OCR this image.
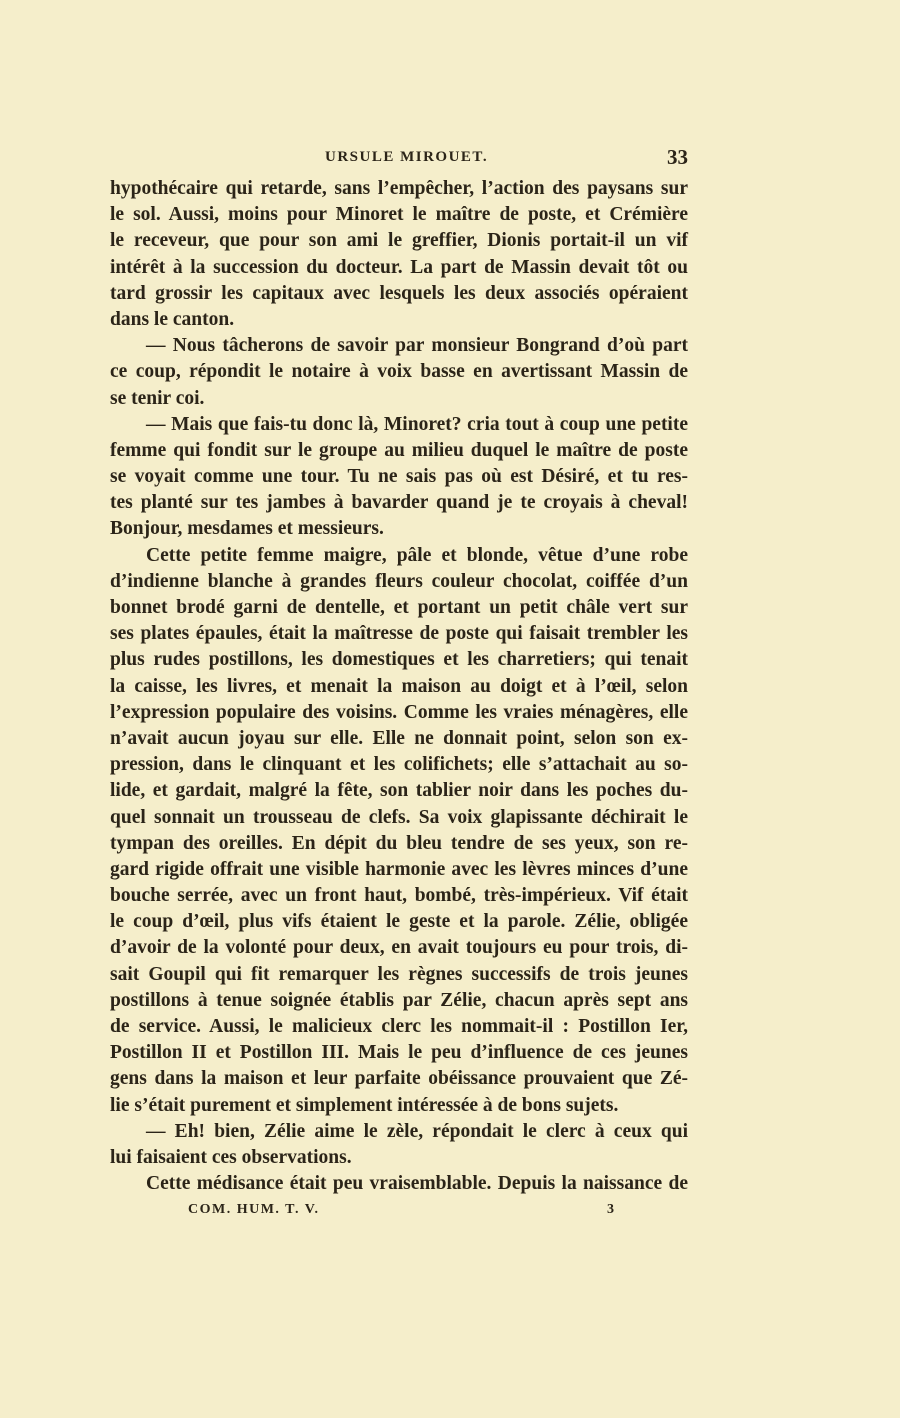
URSULE MIROUET.	33
hypothécaire qui retarde, sans l’empêcher, l’action des paysans sur
le sol. Aussi, moins pour Minoret le maître de poste, et Crémière
le receveur, que pour son ami le greffier, Dionis portait-il un vif
intérêt à la succession du docteur. La part de Massin devait tôt ou
tard grossir les capitaux avec lesquels les deux associés opéraient
dans le canton.
— Nous tâcherons de savoir par monsieur Bongrand d’où part
ce coup, répondit le notaire à voix basse en avertissant Massin de
se tenir coi.
— Mais que fais-tu donc là, Minoret? cria tout à coup une petite
femme qui fondit sur le groupe au milieu duquel le maître de poste
se voyait comme une tour. Tu ne sais pas où est Désiré, et tu res-
tes planté sur tes jambes à bavarder quand je te croyais à cheval!
Bonjour, mesdames et messieurs.
Cette petite femme maigre, pâle et blonde, vêtue d’une robe
d’indienne blanche à grandes fleurs couleur chocolat, coiffée d’un
bonnet brodé garni de dentelle, et portant un petit châle vert sur
ses plates épaules, était la maîtresse de poste qui faisait trembler les
plus rudes postillons, les domestiques et les charretiers; qui tenait
la caisse, les livres, et menait la maison au doigt et à l’œil, selon
l’expression populaire des voisins. Comme les vraies ménagères, elle
n’avait aucun joyau sur elle. Elle ne donnait point, selon son ex-
pression, dans le clinquant et les colifichets; elle s’attachait au so-
lide, et gardait, malgré la fête, son tablier noir dans les poches du-
quel sonnait un trousseau de clefs. Sa voix glapissante déchirait le
tympan des oreilles. En dépit du bleu tendre de ses yeux, son re-
gard rigide offrait une visible harmonie avec les lèvres minces d’une
bouche serrée, avec un front haut, bombé, très-impérieux. Vif était
le coup d’œil, plus vifs étaient le geste et la parole. Zélie, obligée
d’avoir de la volonté pour deux, en avait toujours eu pour trois, di-
sait Goupil qui fit remarquer les règnes successifs de trois jeunes
postillons à tenue soignée établis par Zélie, chacun après sept ans
de service. Aussi, le malicieux clerc les nommait-il : Postillon Ier,
Postillon II et Postillon III. Mais le peu d’influence de ces jeunes
gens dans la maison et leur parfaite obéissance prouvaient que Zé-
lie s’était purement et simplement intéressée à de bons sujets.
— Eh! bien, Zélie aime le zèle, répondait le clerc à ceux qui
lui faisaient ces observations.
Cette médisance était peu vraisemblable. Depuis la naissance de
COM. HUM. T. V.	3
